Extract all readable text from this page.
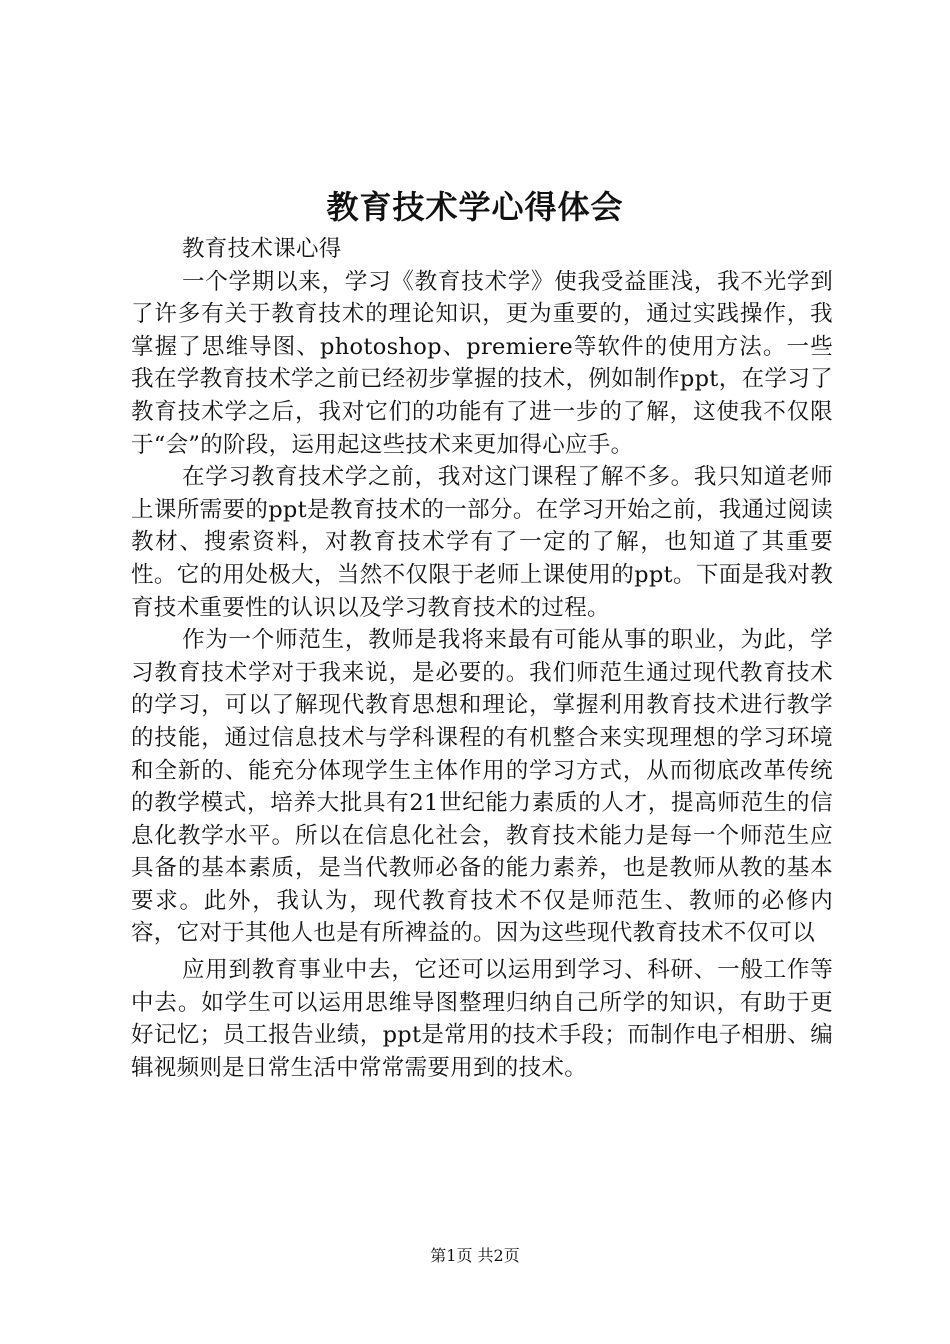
教育技术学心得体会

教育技术课心得

一个学期以来，学习《教育技术学》使我受益匪浅，我不光学到了许多有关于教育技术的理论知识，更为重要的，通过实践操作，我掌握了思维导图、photoshop、premiere等软件的使用方法。一些我在学教育技术学之前已经初步掌握的技术，例如制作ppt，在学习了教育技术学之后，我对它们的功能有了进一步的了解，这使我不仅限于“会”的阶段，运用起这些技术来更加得心应手。

在学习教育技术学之前，我对这门课程了解不多。我只知道老师上课所需要的ppt是教育技术的一部分。在学习开始之前，我通过阅读教材、搜索资料，对教育技术学有了一定的了解，也知道了其重要性。它的用处极大，当然不仅限于老师上课使用的ppt。下面是我对教育技术重要性的认识以及学习教育技术的过程。

作为一个师范生，教师是我将来最有可能从事的职业，为此，学习教育技术学对于我来说，是必要的。我们师范生通过现代教育技术的学习，可以了解现代教育思想和理论，掌握利用教育技术进行教学的技能，通过信息技术与学科课程的有机整合来实现理想的学习环境和全新的、能充分体现学生主体作用的学习方式，从而彻底改革传统的教学模式，培养大批具有21世纪能力素质的人才，提高师范生的信息化教学水平。所以在信息化社会，教育技术能力是每一个师范生应具备的基本素质，是当代教师必备的能力素养，也是教师从教的基本要求。此外，我认为，现代教育技术不仅是师范生、教师的必修内容，它对于其他人也是有所裨益的。因为这些现代教育技术不仅可以

应用到教育事业中去，它还可以运用到学习、科研、一般工作等中去。如学生可以运用思维导图整理归纳自己所学的知识，有助于更好记忆；员工报告业绩，ppt是常用的技术手段；而制作电子相册、编辑视频则是日常生活中常常需要用到的技术。

第1页 共2页
